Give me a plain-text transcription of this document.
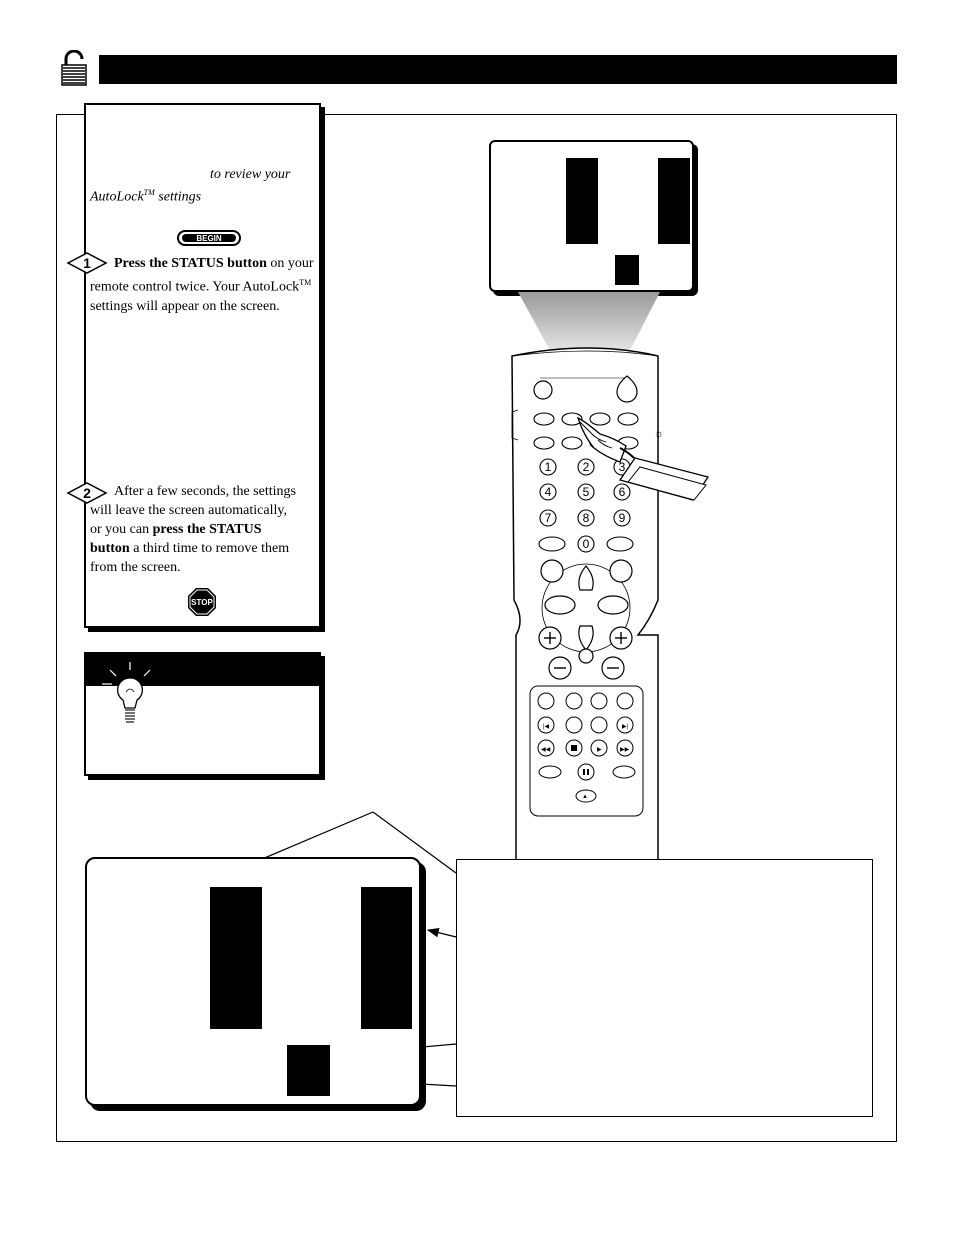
to review your
AutoLock™ settings
BEGIN
1	Press the STATUS button on your remote control twice. Your AutoLock™ settings will appear on the screen.
2	After a few seconds, the settings will leave the screen automatically, or you can press the STATUS button a third time to remove them from the screen.
STOP
☼
1	2 3
4	5 6
7	8 9
0
|◀	▶|
◀◀	▶	▶▶
▲
